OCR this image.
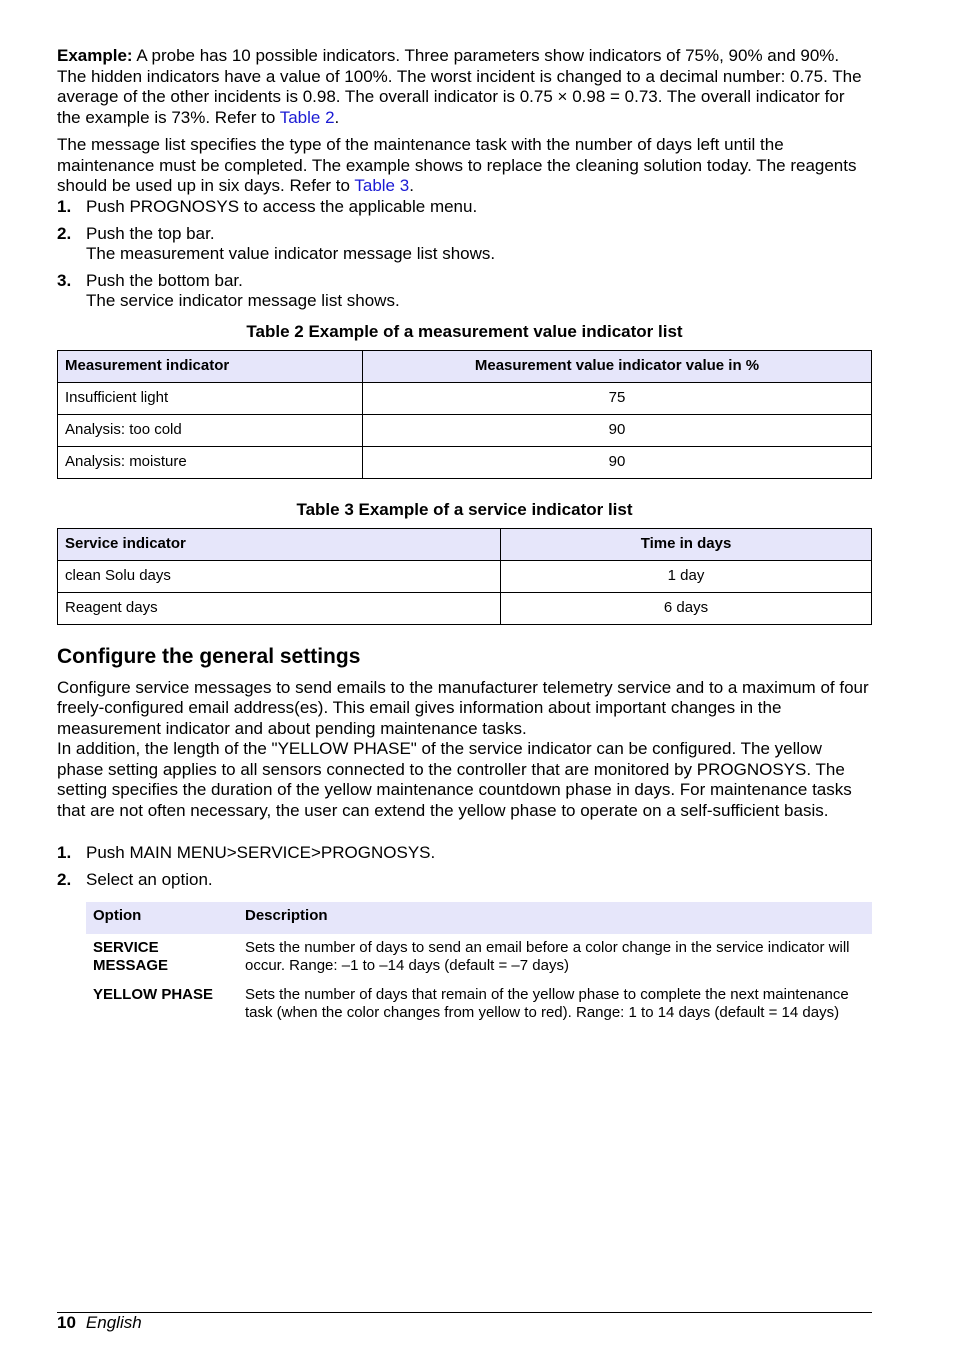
Example: A probe has 10 possible indicators. Three parameters show indicators of 75%, 90% and 90%. The hidden indicators have a value of 100%. The worst incident is changed to a decimal number: 0.75. The average of the other incidents is 0.98. The overall indicator is 0.75 × 0.98 = 0.73. The overall indicator for the example is 73%. Refer to Table 2.

The message list specifies the type of the maintenance task with the number of days left until the maintenance must be completed. The example shows to replace the cleaning solution today. The reagents should be used up in six days. Refer to Table 3.

1. Push PROGNOSYS to access the applicable menu.
2. Push the top bar.
The measurement value indicator message list shows.
3. Push the bottom bar.
The service indicator message list shows.
Table 2 Example of a measurement value indicator list
Measurement indicator	Measurement value indicator value in %
Insufficient light	75
Analysis: too cold	90
Analysis: moisture	90
Table 3 Example of a service indicator list
Service indicator	Time in days
clean Solu days	1 day
Reagent days	6 days
Configure the general settings

Configure service messages to send emails to the manufacturer telemetry service and to a maximum of four freely-configured email address(es). This email gives information about important changes in the measurement indicator and about pending maintenance tasks.

In addition, the length of the "YELLOW PHASE" of the service indicator can be configured. The yellow phase setting applies to all sensors connected to the controller that are monitored by PROGNOSYS. The setting specifies the duration of the yellow maintenance countdown phase in days. For maintenance tasks that are not often necessary, the user can extend the yellow phase to operate on a self-sufficient basis.

1. Push MAIN MENU>SERVICE>PROGNOSYS.
2. Select an option.
Option	Description
SERVICE
MESSAGE	Sets the number of days to send an email before a color change in the service indicator will occur. Range: –1 to –14 days (default = –7 days)
YELLOW PHASE	Sets the number of days that remain of the yellow phase to complete the next maintenance task (when the color changes from yellow to red). Range: 1 to 14 days (default = 14 days)
10 English
